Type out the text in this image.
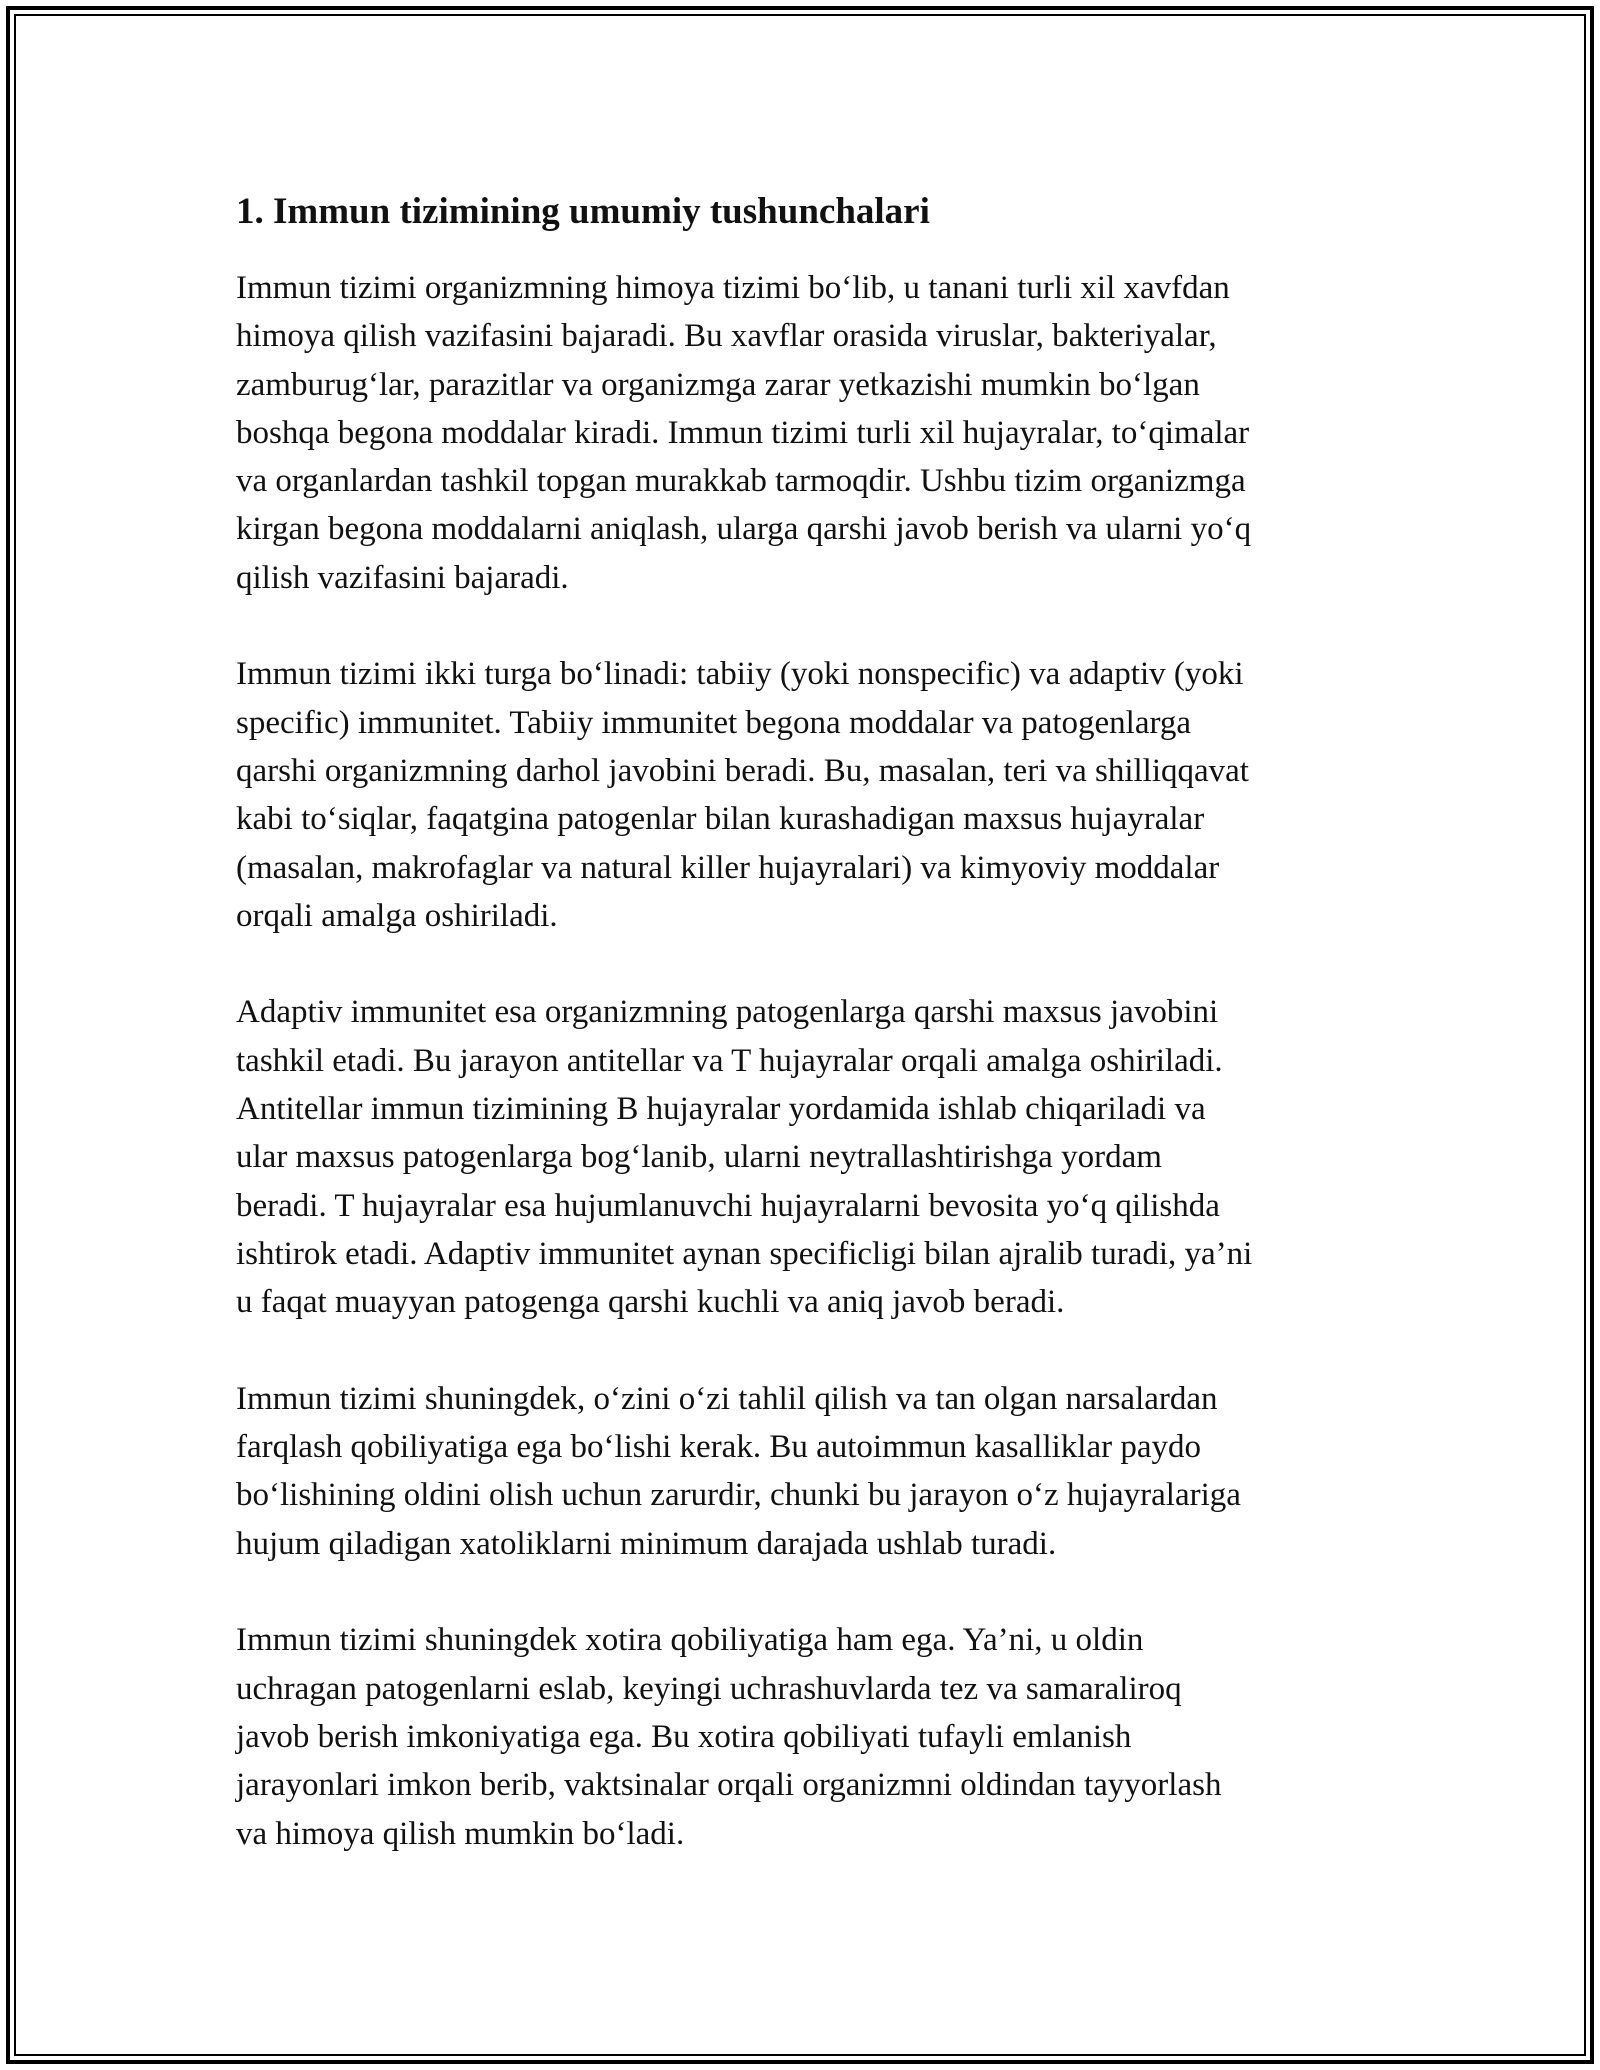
1. Immun tizimining umumiy tushunchalari

Immun tizimi organizmning himoya tizimi bo‘lib, u tanani turli xil xavfdan
himoya qilish vazifasini bajaradi. Bu xavflar orasida viruslar, bakteriyalar,
zamburug‘lar, parazitlar va organizmga zarar yetkazishi mumkin bo‘lgan
boshqa begona moddalar kiradi. Immun tizimi turli xil hujayralar, to‘qimalar
va organlardan tashkil topgan murakkab tarmoqdir. Ushbu tizim organizmga
kirgan begona moddalarni aniqlash, ularga qarshi javob berish va ularni yo‘q
qilish vazifasini bajaradi.

Immun tizimi ikki turga bo‘linadi: tabiiy (yoki nonspecific) va adaptiv (yoki
specific) immunitet. Tabiiy immunitet begona moddalar va patogenlarga
qarshi organizmning darhol javobini beradi. Bu, masalan, teri va shilliqqavat
kabi to‘siqlar, faqatgina patogenlar bilan kurashadigan maxsus hujayralar
(masalan, makrofaglar va natural killer hujayralari) va kimyoviy moddalar
orqali amalga oshiriladi.

Adaptiv immunitet esa organizmning patogenlarga qarshi maxsus javobini
tashkil etadi. Bu jarayon antitellar va T hujayralar orqali amalga oshiriladi.
Antitellar immun tizimining B hujayralar yordamida ishlab chiqariladi va
ular maxsus patogenlarga bog‘lanib, ularni neytrallashtirishga yordam
beradi. T hujayralar esa hujumlanuvchi hujayralarni bevosita yo‘q qilishda
ishtirok etadi. Adaptiv immunitet aynan specificligi bilan ajralib turadi, ya’ni
u faqat muayyan patogenga qarshi kuchli va aniq javob beradi.

Immun tizimi shuningdek, o‘zini o‘zi tahlil qilish va tan olgan narsalardan
farqlash qobiliyatiga ega bo‘lishi kerak. Bu autoimmun kasalliklar paydo
bo‘lishining oldini olish uchun zarurdir, chunki bu jarayon o‘z hujayralariga
hujum qiladigan xatoliklarni minimum darajada ushlab turadi.

Immun tizimi shuningdek xotira qobiliyatiga ham ega. Ya’ni, u oldin
uchragan patogenlarni eslab, keyingi uchrashuvlarda tez va samaraliroq
javob berish imkoniyatiga ega. Bu xotira qobiliyati tufayli emlanish
jarayonlari imkon berib, vaktsinalar orqali organizmni oldindan tayyorlash
va himoya qilish mumkin bo‘ladi.
